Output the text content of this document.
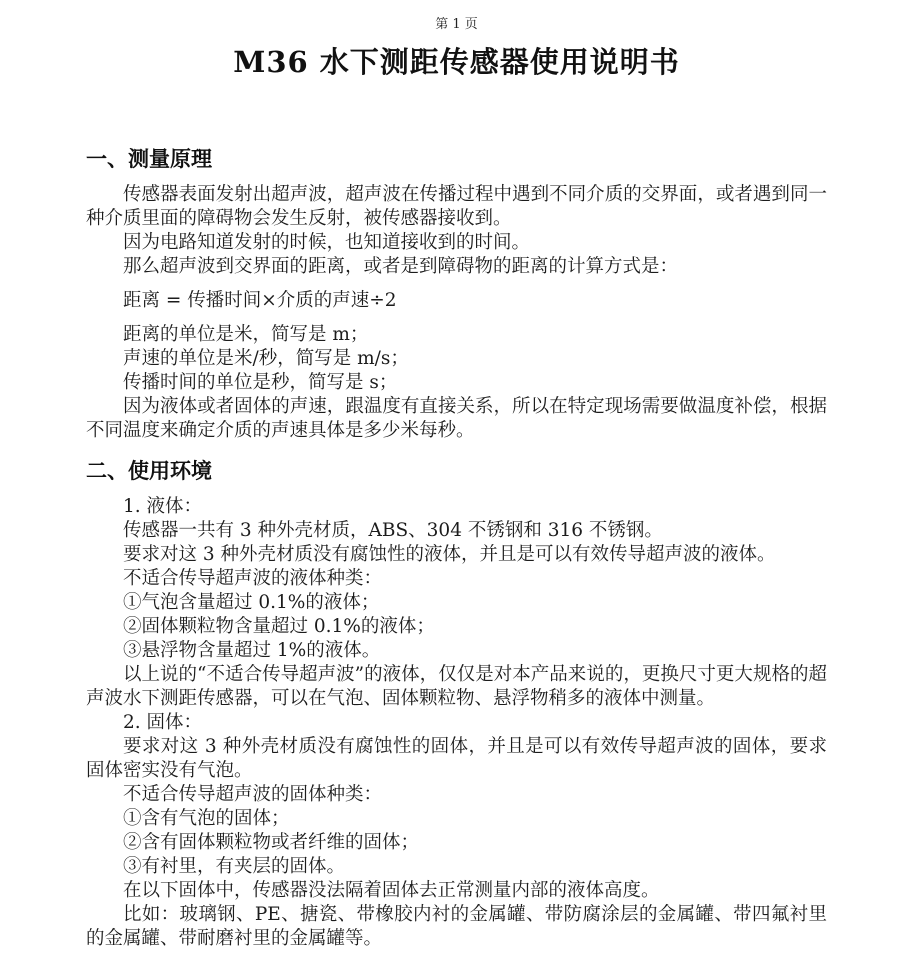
第 1 页

M36 水下测距传感器使用说明书
一、测量原理

传感器表面发射出超声波，超声波在传播过程中遇到不同介质的交界面，或者遇到同一种介质里面的障碍物会发生反射，被传感器接收到。

因为电路知道发射的时候，也知道接收到的时间。

那么超声波到交界面的距离，或者是到障碍物的距离的计算方式是：

距离 = 传播时间×介质的声速÷2

距离的单位是米，简写是 m；

声速的单位是米/秒，简写是 m/s；

传播时间的单位是秒，简写是 s；

因为液体或者固体的声速，跟温度有直接关系，所以在特定现场需要做温度补偿，根据不同温度来确定介质的声速具体是多少米每秒。

二、使用环境

1. 液体：

传感器一共有 3 种外壳材质，ABS、304 不锈钢和 316 不锈钢。

要求对这 3 种外壳材质没有腐蚀性的液体，并且是可以有效传导超声波的液体。

不适合传导超声波的液体种类：

①气泡含量超过 0.1%的液体；

②固体颗粒物含量超过 0.1%的液体；

③悬浮物含量超过 1%的液体。

以上说的“不适合传导超声波”的液体，仅仅是对本产品来说的，更换尺寸更大规格的超声波水下测距传感器，可以在气泡、固体颗粒物、悬浮物稍多的液体中测量。

2. 固体：

要求对这 3 种外壳材质没有腐蚀性的固体，并且是可以有效传导超声波的固体，要求固体密实没有气泡。

不适合传导超声波的固体种类：

①含有气泡的固体；

②含有固体颗粒物或者纤维的固体；

③有衬里，有夹层的固体。

在以下固体中，传感器没法隔着固体去正常测量内部的液体高度。

比如：玻璃钢、PE、搪瓷、带橡胶内衬的金属罐、带防腐涂层的金属罐、带四氟衬里的金属罐、带耐磨衬里的金属罐等。
